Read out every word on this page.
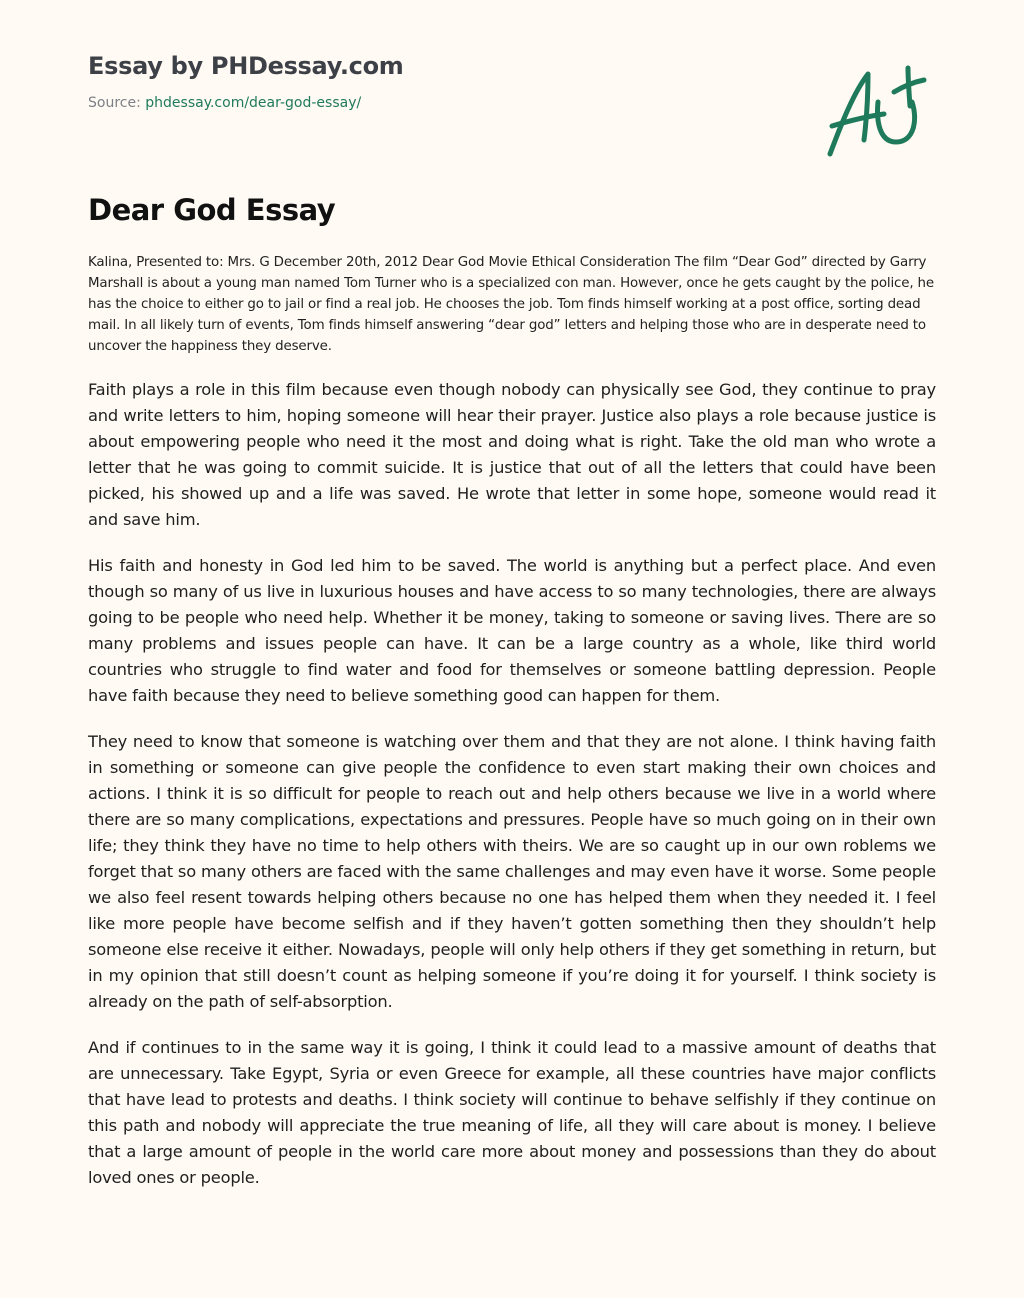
Essay by PHDessay.com
Source: phdessay.com/dear-god-essay/
Dear God Essay

Kalina, Presented to: Mrs. G December 20th, 2012 Dear God Movie Ethical Consideration The film “Dear God” directed by Garry Marshall is about a young man named Tom Turner who is a specialized con man. However, once he gets caught by the police, he has the choice to either go to jail or find a real job. He chooses the job. Tom finds himself working at a post office, sorting dead mail. In all likely turn of events, Tom finds himself answering “dear god” letters and helping those who are in desperate need to uncover the happiness they deserve.

Faith plays a role in this film because even though nobody can physically see God, they continue to pray and write letters to him, hoping someone will hear their prayer. Justice also plays a role because justice is about empowering people who need it the most and doing what is right. Take the old man who wrote a letter that he was going to commit suicide. It is justice that out of all the letters that could have been picked, his showed up and a life was saved. He wrote that letter in some hope, someone would read it and save him.

His faith and honesty in God led him to be saved. The world is anything but a perfect place. And even though so many of us live in luxurious houses and have access to so many technologies, there are always going to be people who need help. Whether it be money, taking to someone or saving lives. There are so many problems and issues people can have. It can be a large country as a whole, like third world countries who struggle to find water and food for themselves or someone battling depression. People have faith because they need to believe something good can happen for them.

They need to know that someone is watching over them and that they are not alone. I think having faith in something or someone can give people the confidence to even start making their own choices and actions. I think it is so difficult for people to reach out and help others because we live in a world where there are so many complications, expectations and pressures. People have so much going on in their own life; they think they have no time to help others with theirs. We are so caught up in our own roblems we forget that so many others are faced with the same challenges and may even have it worse. Some people we also feel resent towards helping others because no one has helped them when they needed it. I feel like more people have become selfish and if they haven’t gotten something then they shouldn’t help someone else receive it either. Nowadays, people will only help others if they get something in return, but in my opinion that still doesn’t count as helping someone if you’re doing it for yourself. I think society is already on the path of self-absorption.

And if continues to in the same way it is going, I think it could lead to a massive amount of deaths that are unnecessary. Take Egypt, Syria or even Greece for example, all these countries have major conflicts that have lead to protests and deaths. I think society will continue to behave selfishly if they continue on this path and nobody will appreciate the true meaning of life, all they will care about is money. I believe that a large amount of people in the world care more about money and possessions than they do about loved ones or people.
